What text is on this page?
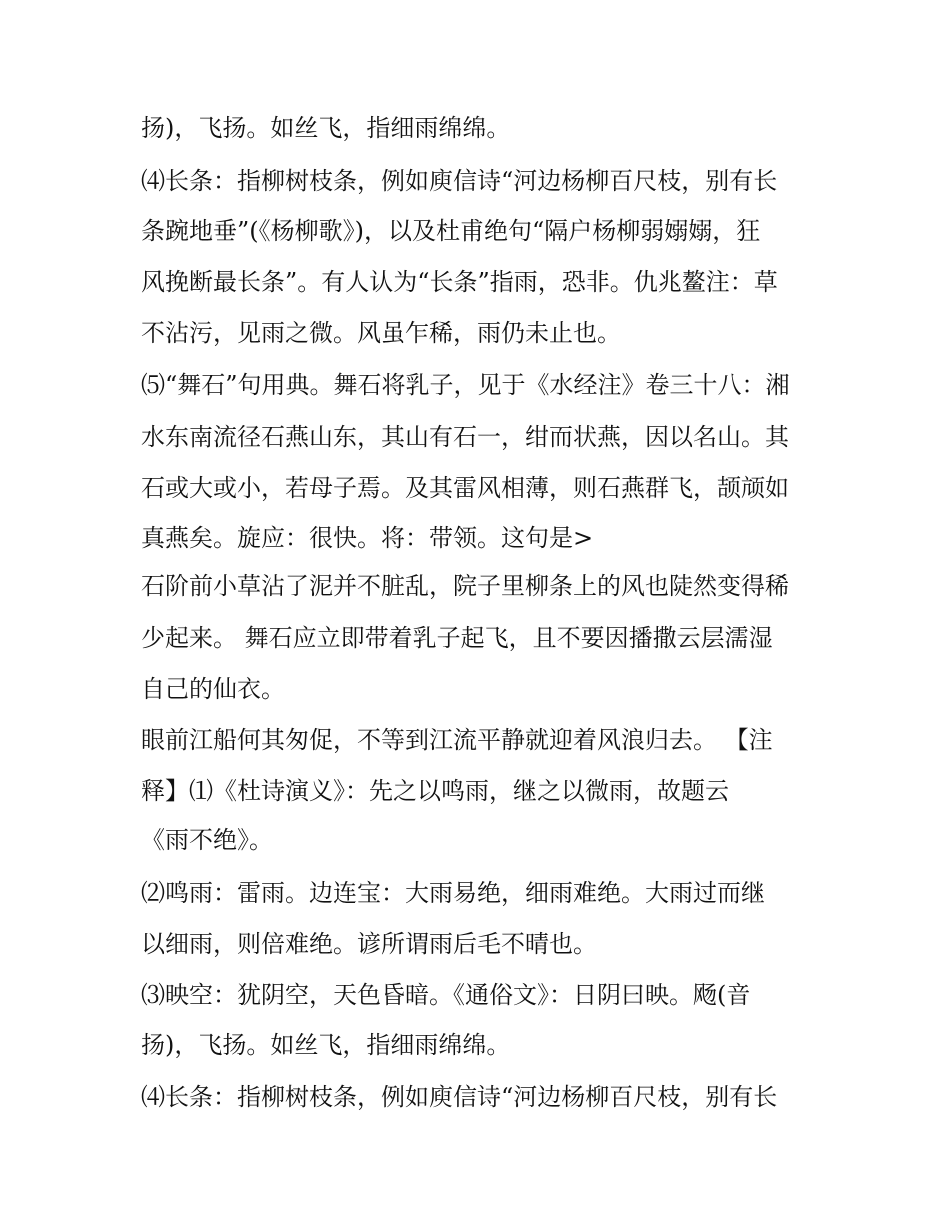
扬)，飞扬。如丝飞，指细雨绵绵。
⑷长条：指柳树枝条，例如庾信诗“河边杨柳百尺枝，别有长
条踠地垂”(《杨柳歌》)，以及杜甫绝句“隔户杨柳弱嫋嫋，狂
风挽断最长条”。有人认为“长条”指雨，恐非。仇兆鳌注：草
不沾污，见雨之微。风虽乍稀，雨仍未止也。
⑸“舞石”句用典。舞石将乳子，见于《水经注》卷三十八：湘
水东南流径石燕山东，其山有石一，绀而状燕，因以名山。其
石或大或小，若母子焉。及其雷风相薄，则石燕群飞，颉颃如
真燕矣。旋应：很快。将：带领。这句是>
石阶前小草沾了泥并不脏乱，院子里柳条上的风也陡然变得稀
少起来。 舞石应立即带着乳子起飞，且不要因播撒云层濡湿
自己的仙衣。
眼前江船何其匆促，不等到江流平静就迎着风浪归去。 【注
释】⑴《杜诗演义》：先之以鸣雨，继之以微雨，故题云
《雨不绝》。
⑵鸣雨：雷雨。边连宝：大雨易绝，细雨难绝。大雨过而继
以细雨，则倍难绝。谚所谓雨后毛不晴也。
⑶映空：犹阴空，天色昏暗。《通俗文》：日阴曰映。飏(音
扬)，飞扬。如丝飞，指细雨绵绵。
⑷长条：指柳树枝条，例如庾信诗“河边杨柳百尺枝，别有长
